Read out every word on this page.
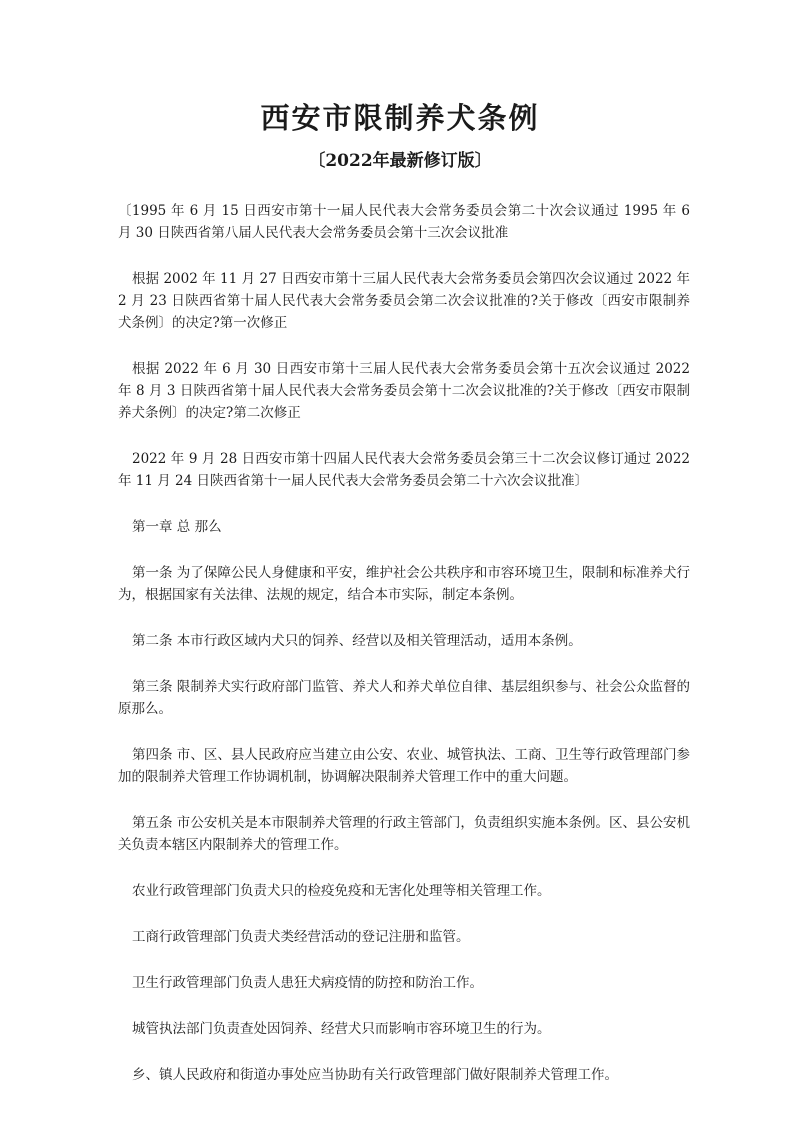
西安市限制养犬条例
〔2022年最新修订版〕

〔1995 年 6 月 15 日西安市第十一届人民代表大会常务委员会第二十次会议通过 1995 年 6 月 30 日陕西省第八届人民代表大会常务委员会第十三次会议批准

根据 2002 年 11 月 27 日西安市第十三届人民代表大会常务委员会第四次会议通过 2022 年 2 月 23 日陕西省第十届人民代表大会常务委员会第二次会议批准的?关于修改〔西安市限制养犬条例〕的决定?第一次修正

根据 2022 年 6 月 30 日西安市第十三届人民代表大会常务委员会第十五次会议通过 2022 年 8 月 3 日陕西省第十届人民代表大会常务委员会第十二次会议批准的?关于修改〔西安市限制养犬条例〕的决定?第二次修正

2022 年 9 月 28 日西安市第十四届人民代表大会常务委员会第三十二次会议修订通过 2022 年 11 月 24 日陕西省第十一届人民代表大会常务委员会第二十六次会议批准〕

第一章 总 那么

第一条 为了保障公民人身健康和平安，维护社会公共秩序和市容环境卫生，限制和标准养犬行为，根据国家有关法律、法规的规定，结合本市实际，制定本条例。

第二条 本市行政区域内犬只的饲养、经营以及相关管理活动，适用本条例。

第三条 限制养犬实行政府部门监管、养犬人和养犬单位自律、基层组织参与、社会公众监督的原那么。

第四条 市、区、县人民政府应当建立由公安、农业、城管执法、工商、卫生等行政管理部门参加的限制养犬管理工作协调机制，协调解决限制养犬管理工作中的重大问题。

第五条 市公安机关是本市限制养犬管理的行政主管部门，负责组织实施本条例。区、县公安机关负责本辖区内限制养犬的管理工作。

农业行政管理部门负责犬只的检疫免疫和无害化处理等相关管理工作。

工商行政管理部门负责犬类经营活动的登记注册和监管。

卫生行政管理部门负责人患狂犬病疫情的防控和防治工作。

城管执法部门负责查处因饲养、经营犬只而影响市容环境卫生的行为。

乡、镇人民政府和街道办事处应当协助有关行政管理部门做好限制养犬管理工作。
